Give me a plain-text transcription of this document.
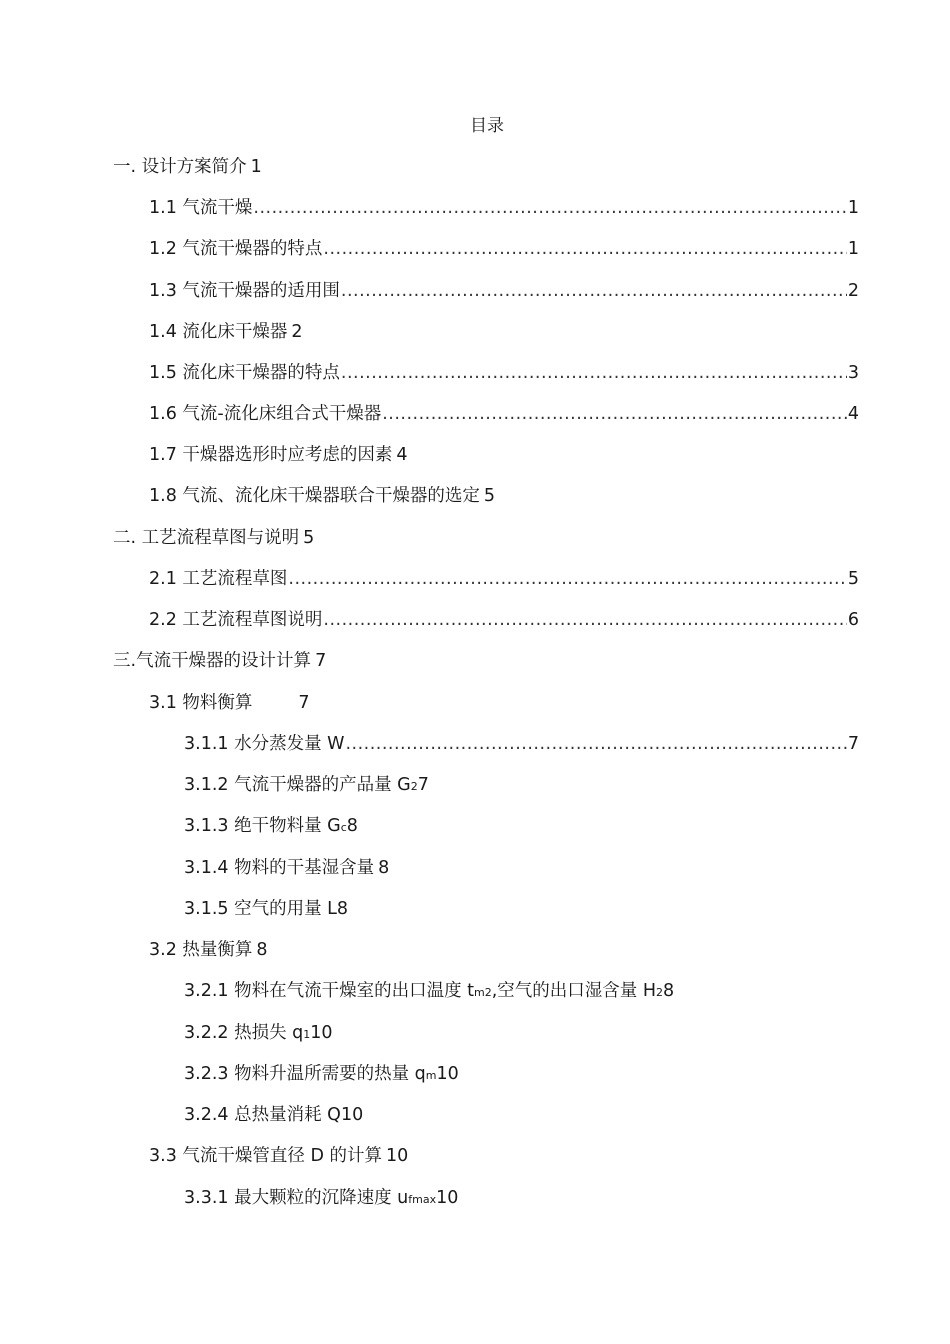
目录
一. 设计方案简介 1
1.1 气流干燥 .....	1
1.2 气流干燥器的特点 .....	1
1.3 气流干燥器的适用围 .....	2
1.4 流化床干燥器 2
1.5 流化床干燥器的特点 .....	3
1.6 气流-流化床组合式干燥器 .....	4
1.7 干燥器选形时应考虑的因素 4
1.8 气流、流化床干燥器联合干燥器的选定 5
二. 工艺流程草图与说明 5
2.1 工艺流程草图 .....	5
2.2 工艺流程草图说明 .....	6
三.气流干燥器的设计计算 7
3.1 物料衡算	7
3.1.1 水分蒸发量 W .....	7
3.1.2 气流干燥器的产品量 G 2 7
3.1.3 绝干物料量 G c 8
3.1.4 物料的干基湿含量 8
3.1.5 空气的用量 L 8
3.2 热量衡算 8
3.2.1 物料在气流干燥室的出口温度 t m2 ,空气的出口湿含量 H 2 8
3.2.2 热损失 q 1 10
3.2.3 物料升温所需要的热量 q m 10
3.2.4 总热量消耗 Q 10
3.3 气流干燥管直径 D 的计算 10
3.3.1 最大颗粒的沉降速度 u fmax 10
